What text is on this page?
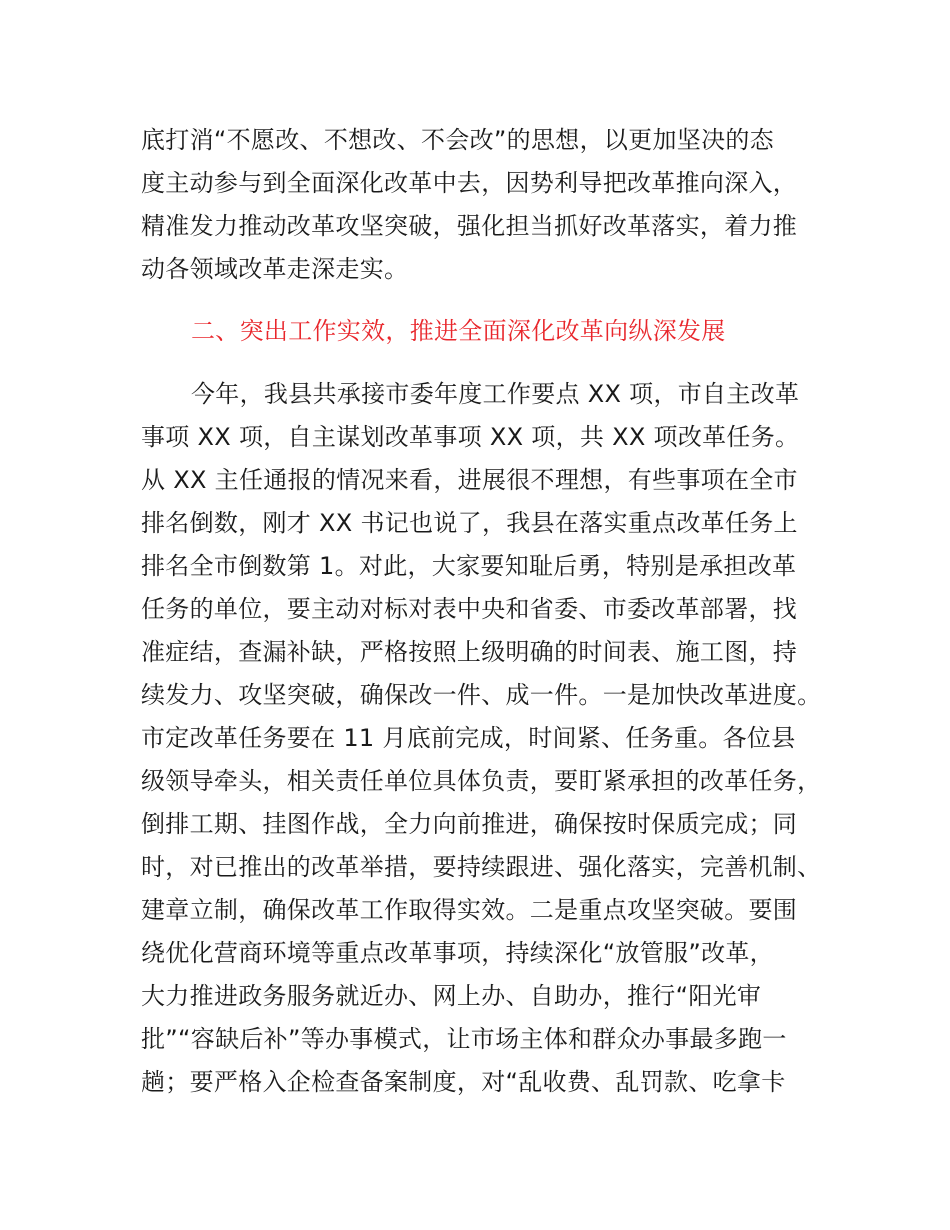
底打消“不愿改、不想改、不会改”的思想，以更加坚决的态
度主动参与到全面深化改革中去，因势利导把改革推向深入，
精准发力推动改革攻坚突破，强化担当抓好改革落实，着力推
动各领域改革走深走实。
二、突出工作实效，推进全面深化改革向纵深发展
今年，我县共承接市委年度工作要点 XX 项，市自主改革
事项 XX 项，自主谋划改革事项 XX 项，共 XX 项改革任务。
从 XX 主任通报的情况来看，进展很不理想，有些事项在全市
排名倒数，刚才 XX 书记也说了，我县在落实重点改革任务上
排名全市倒数第 1。对此，大家要知耻后勇，特别是承担改革
任务的单位，要主动对标对表中央和省委、市委改革部署，找
准症结，查漏补缺，严格按照上级明确的时间表、施工图，持
续发力、攻坚突破，确保改一件、成一件。一是加快改革进度。
市定改革任务要在 11 月底前完成，时间紧、任务重。各位县
级领导牵头，相关责任单位具体负责，要盯紧承担的改革任务，
倒排工期、挂图作战，全力向前推进，确保按时保质完成；同
时，对已推出的改革举措，要持续跟进、强化落实，完善机制、
建章立制，确保改革工作取得实效。二是重点攻坚突破。要围
绕优化营商环境等重点改革事项，持续深化“放管服”改革，
大力推进政务服务就近办、网上办、自助办，推行“阳光审
批”“容缺后补”等办事模式，让市场主体和群众办事最多跑一
趟；要严格入企检查备案制度，对“乱收费、乱罚款、吃拿卡
